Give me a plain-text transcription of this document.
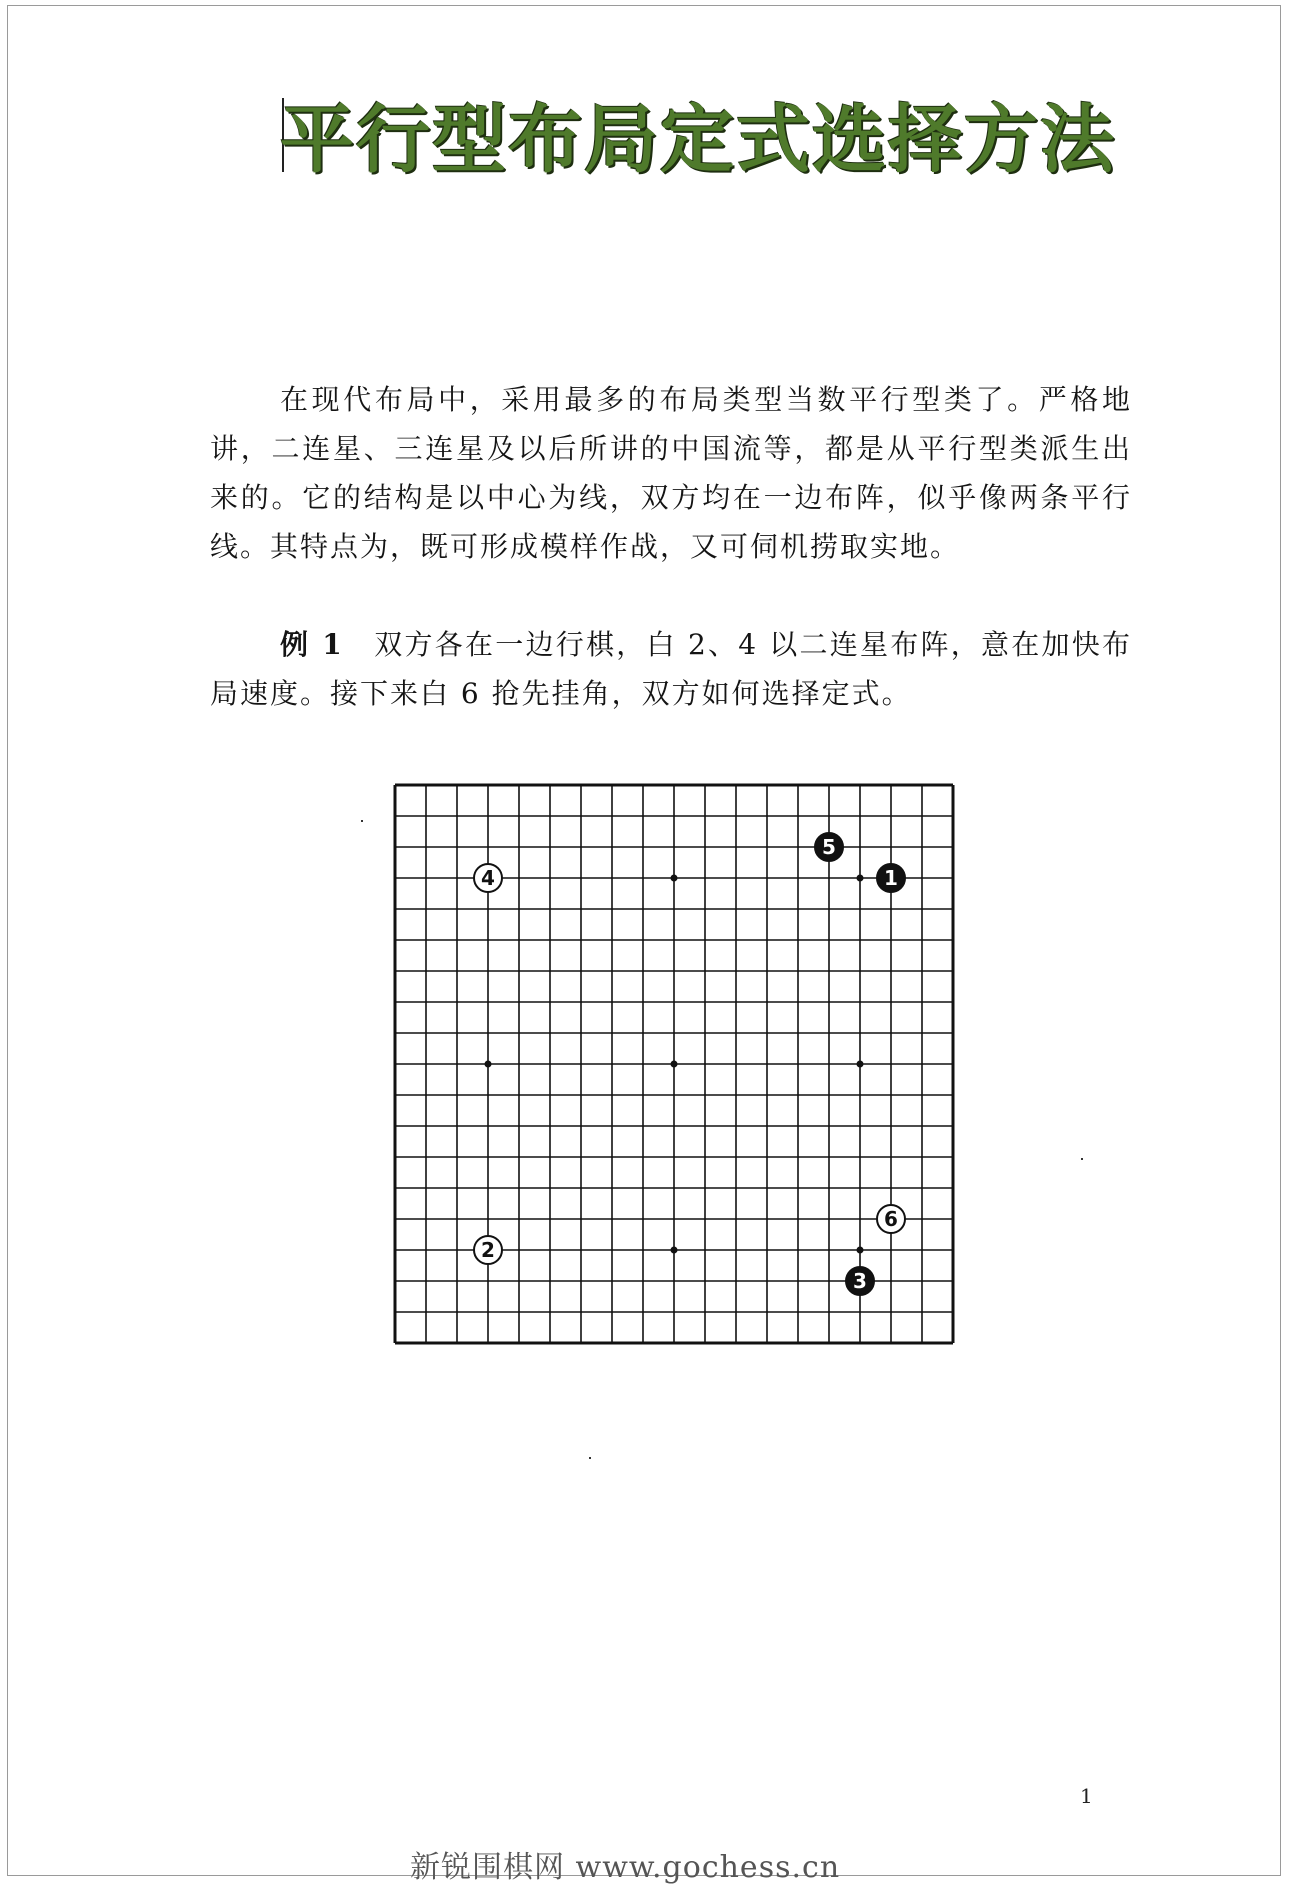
平行型布局定式选择方法

在现代布局中，采用最多的布局类型当数平行型类了。严格地讲，二连星、三连星及以后所讲的中国流等，都是从平行型类派生出来的。它的结构是以中心为线，双方均在一边布阵，似乎像两条平行线。其特点为，既可形成模样作战，又可伺机捞取实地。

例 1　 双方各在一边行棋，白 2、4 以二连星布阵，意在加快布局速度。接下来白 6 抢先挂角，双方如何选择定式。

1
2
3
4
5
6
1
新锐围棋网 www.gochess.cn
